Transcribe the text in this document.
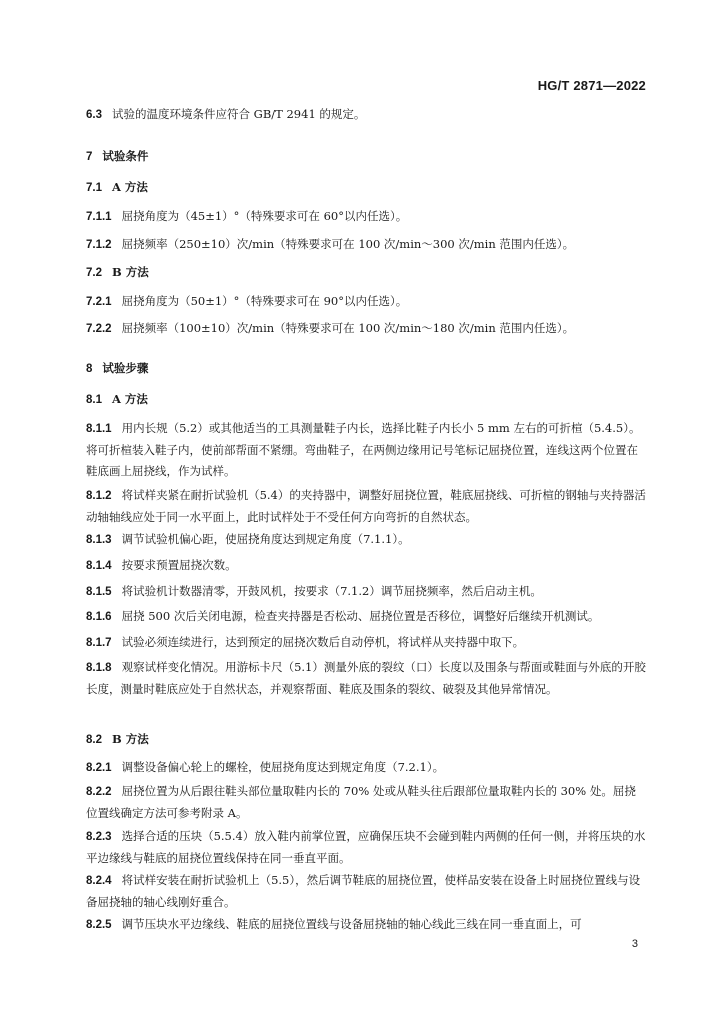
HG/T 2871—2022
6.3 试验的温度环境条件应符合 GB/T 2941 的规定。
7 试验条件
7.1 A 方法
7.1.1 屈挠角度为（45±1）°（特殊要求可在 60°以内任选）。
7.1.2 屈挠频率（250±10）次/min（特殊要求可在 100 次/min～300 次/min 范围内任选）。
7.2 B 方法
7.2.1 屈挠角度为（50±1）°（特殊要求可在 90°以内任选）。
7.2.2 屈挠频率（100±10）次/min（特殊要求可在 100 次/min～180 次/min 范围内任选）。
8 试验步骤
8.1 A 方法
8.1.1 用内长规（5.2）或其他适当的工具测量鞋子内长，选择比鞋子内长小 5 mm 左右的可折楦（5.4.5）。将可折楦装入鞋子内，使前部帮面不紧绷。弯曲鞋子，在两侧边缘用记号笔标记屈挠位置，连线这两个位置在鞋底画上屈挠线，作为试样。
8.1.2 将试样夹紧在耐折试验机（5.4）的夹持器中，调整好屈挠位置，鞋底屈挠线、可折楦的钢轴与夹持器活动轴轴线应处于同一水平面上，此时试样处于不受任何方向弯折的自然状态。
8.1.3 调节试验机偏心距，使屈挠角度达到规定角度（7.1.1）。
8.1.4 按要求预置屈挠次数。
8.1.5 将试验机计数器清零，开鼓风机，按要求（7.1.2）调节屈挠频率，然后启动主机。
8.1.6 屈挠 500 次后关闭电源，检查夹持器是否松动、屈挠位置是否移位，调整好后继续开机测试。
8.1.7 试验必须连续进行，达到预定的屈挠次数后自动停机，将试样从夹持器中取下。
8.1.8 观察试样变化情况。用游标卡尺（5.1）测量外底的裂纹（口）长度以及围条与帮面或鞋面与外底的开胶长度，测量时鞋底应处于自然状态，并观察帮面、鞋底及围条的裂纹、破裂及其他异常情况。
8.2 B 方法
8.2.1 调整设备偏心轮上的螺栓，使屈挠角度达到规定角度（7.2.1）。
8.2.2 屈挠位置为从后跟往鞋头部位量取鞋内长的 70% 处或从鞋头往后跟部位量取鞋内长的 30% 处。屈挠位置线确定方法可参考附录 A。
8.2.3 选择合适的压块（5.5.4）放入鞋内前掌位置，应确保压块不会碰到鞋内两侧的任何一侧，并将压块的水平边缘线与鞋底的屈挠位置线保持在同一垂直平面。
8.2.4 将试样安装在耐折试验机上（5.5），然后调节鞋底的屈挠位置，使样品安装在设备上时屈挠位置线与设备屈挠轴的轴心线刚好重合。
8.2.5 调节压块水平边缘线、鞋底的屈挠位置线与设备屈挠轴的轴心线此三线在同一垂直面上，可
3
